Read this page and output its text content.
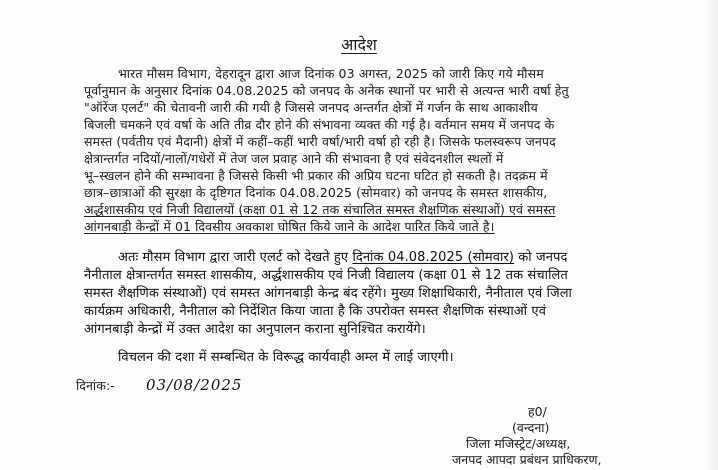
आदेश
भारत मौसम विभाग, देहरादून द्वारा आज दिनांक 03 अगस्त, 2025 को जारी किए गये मौसम
पूर्वानुमान के अनुसार दिनांक 04.08.2025 को जनपद के अनेक स्थानों पर भारी से अत्यन्त भारी वर्षा हेतु
"ऑरेंज एलर्ट" की चेतावनी जारी की गयी है जिससे जनपद अन्तर्गत क्षेत्रों में गर्जन के साथ आकाशीय
बिजली चमकने एवं वर्षा के अति तीव्र दौर होने की संभावना व्यक्त की गई है। वर्तमान समय में जनपद के
समस्त (पर्वतीय एवं मैदानी) क्षेत्रों में कहीं–कहीं भारी वर्षा/भारी वर्षा हो रही है। जिसके फलस्वरूप जनपद
क्षेत्रान्तर्गत नदियों/नालों/गधेरों में तेज जल प्रवाह आने की संभावना है एवं संवेदनशील स्थलों में
भू–स्खलन होने की सम्भावना है जिससे किसी भी प्रकार की अप्रिय घटना घटित हो सकती है। तदक्रम में
छात्र–छात्राओं की सुरक्षा के दृष्टिगत दिनांक 04.08.2025 (सोमवार) को जनपद के समस्त शासकीय,
अर्द्धशासकीय एवं निजी विद्यालयों (कक्षा 01 से 12 तक संचालित समस्त शैक्षणिक संस्थाओं) एवं समस्त
आंगनबाड़ी केन्द्रों में 01 दिवसीय अवकाश घोषित किये जाने के आदेश पारित किये जाते है।
अतः मौसम विभाग द्वारा जारी एलर्ट को देखते हुए दिनांक 04.08.2025 (सोमवार) को जनपद
नैनीताल क्षेत्रान्तर्गत समस्त शासकीय, अर्द्धशासकीय एवं निजी विद्यालय (कक्षा 01 से 12 तक संचालित
समस्त शैक्षणिक संस्थाओं) एवं समस्त आंगनबाड़ी केन्द्र बंद रहेंगे। मुख्य शिक्षाधिकारी, नैनीताल एवं जिला
कार्यक्रम अधिकारी, नैनीताल को निर्देशित किया जाता है कि उपरोक्त समस्त शैक्षणिक संस्थाओं एवं
आंगनबाड़ी केन्द्रों में उक्त आदेश का अनुपालन कराना सुनिश्चित करायेंगे।
विचलन की दशा में सम्बन्धित के विरूद्ध कार्यवाही अम्ल में लाई जाएगी।
दिनांक:- 03/08/2025
ह0/
(वन्दना)
जिला मजिस्ट्रेट/अध्यक्ष,
जनपद आपदा प्रबंधन प्राधिकरण,
